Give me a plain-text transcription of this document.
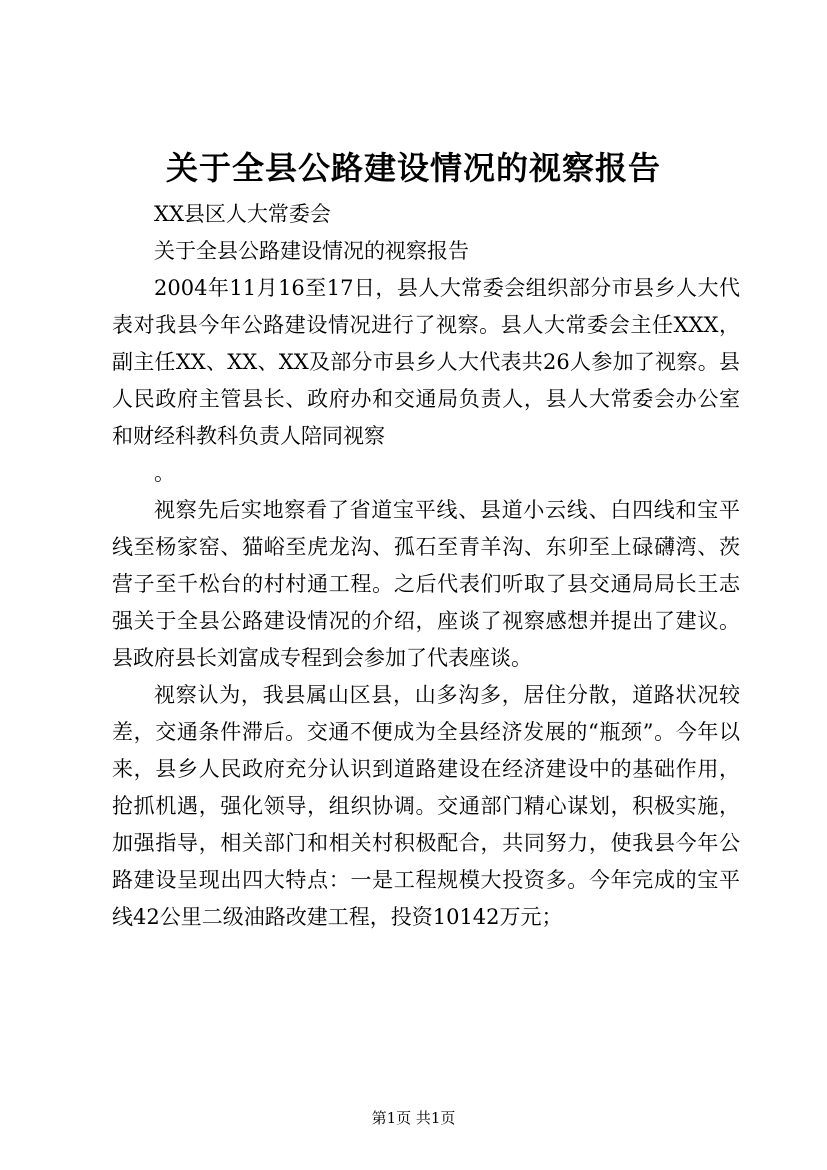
关于全县公路建设情况的视察报告

XX县区人大常委会

关于全县公路建设情况的视察报告

2004年11月16至17日，县人大常委会组织部分市县乡人大代表对我县今年公路建设情况进行了视察。县人大常委会主任XXX，副主任XX、XX、XX及部分市县乡人大代表共26人参加了视察。县人民政府主管县长、政府办和交通局负责人，县人大常委会办公室和财经科教科负责人陪同视察

。

视察先后实地察看了省道宝平线、县道小云线、白四线和宝平线至杨家窑、猫峪至虎龙沟、孤石至青羊沟、东卯至上碌礴湾、茨营子至千松台的村村通工程。之后代表们听取了县交通局局长王志强关于全县公路建设情况的介绍，座谈了视察感想并提出了建议。县政府县长刘富成专程到会参加了代表座谈。

视察认为，我县属山区县，山多沟多，居住分散，道路状况较差，交通条件滞后。交通不便成为全县经济发展的“瓶颈”。今年以来，县乡人民政府充分认识到道路建设在经济建设中的基础作用，抢抓机遇，强化领导，组织协调。交通部门精心谋划，积极实施，加强指导，相关部门和相关村积极配合，共同努力，使我县今年公路建设呈现出四大特点：一是工程规模大投资多。今年完成的宝平线42公里二级油路改建工程，投资10142万元；

第1页 共1页
